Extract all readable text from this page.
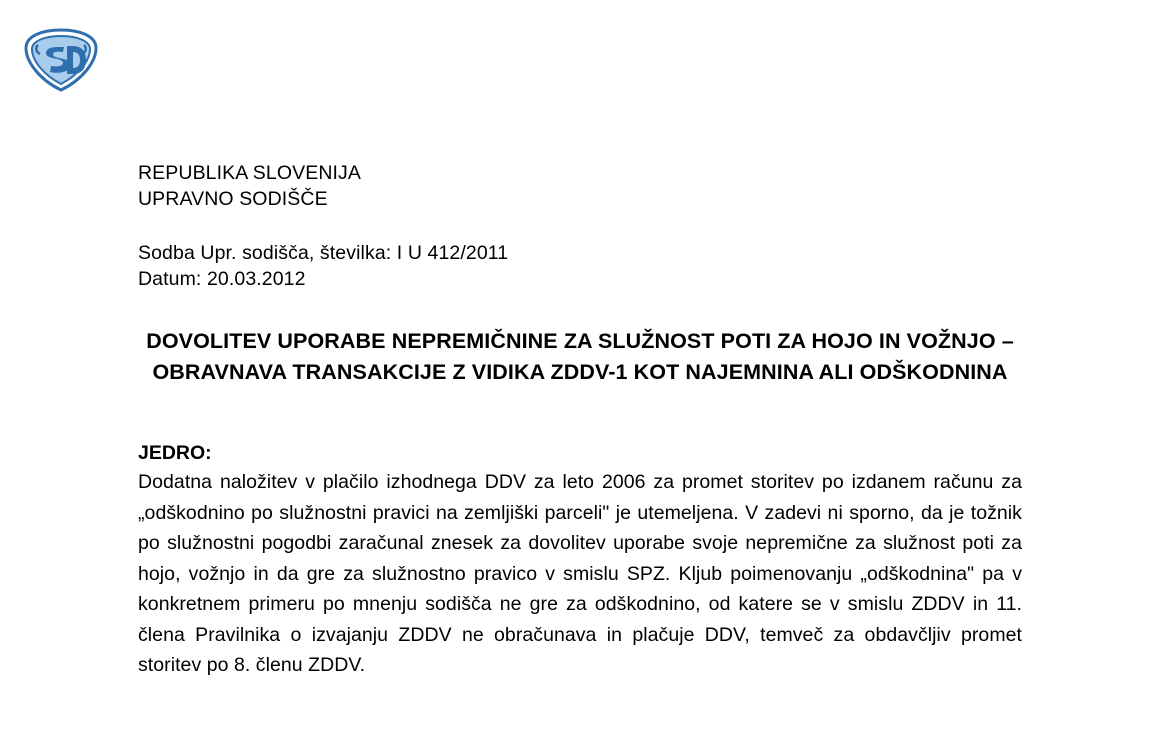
REPUBLIKA SLOVENIJA
UPRAVNO SODIŠČE
Sodba Upr. sodišča, številka: I U 412/2011
Datum: 20.03.2012
DOVOLITEV UPORABE NEPREMIČNINE ZA SLUŽNOST POTI ZA HOJO IN VOŽNJO – OBRAVNAVA TRANSAKCIJE Z VIDIKA ZDDV-1 KOT NAJEMNINA ALI ODŠKODNINA
JEDRO:
Dodatna naložitev v plačilo izhodnega DDV za leto 2006 za promet storitev po izdanem računu za „odškodnino po služnostni pravici na zemljiški parceli" je utemeljena. V zadevi ni sporno, da je tožnik po služnostni pogodbi zaračunal znesek za dovolitev uporabe svoje nepremične za služnost poti za hojo, vožnjo in da gre za služnostno pravico v smislu SPZ. Kljub poimenovanju „odškodnina" pa v konkretnem primeru po mnenju sodišča ne gre za odškodnino, od katere se v smislu ZDDV in 11. člena Pravilnika o izvajanju ZDDV ne obračunava in plačuje DDV, temveč za obdavčljiv promet storitev po 8. členu ZDDV.
